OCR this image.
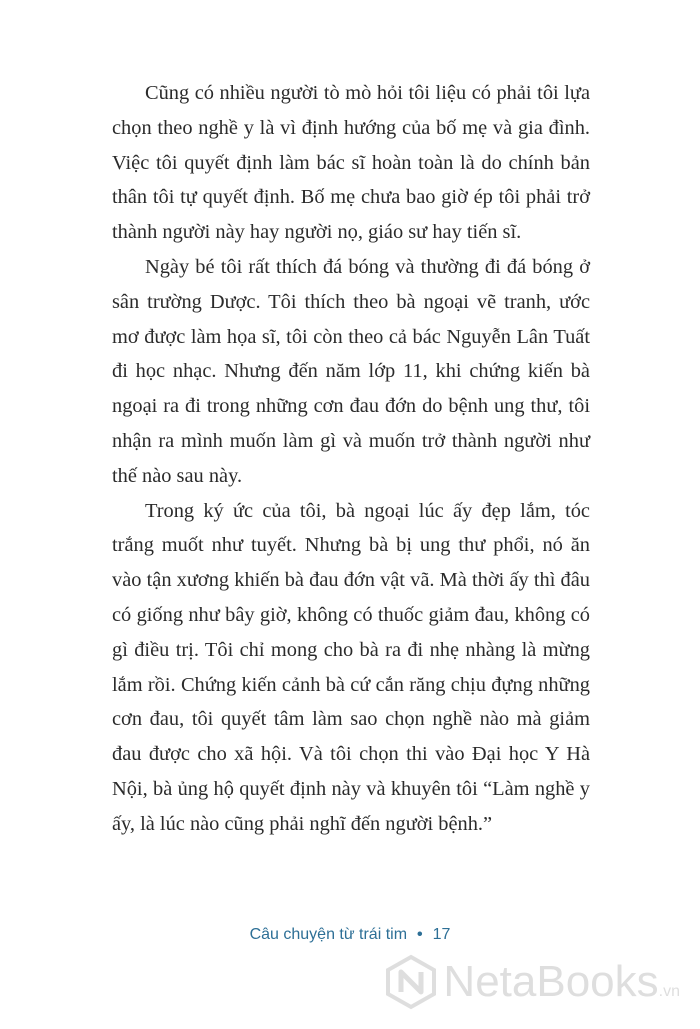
Cũng có nhiều người tò mò hỏi tôi liệu có phải tôi lựa chọn theo nghề y là vì định hướng của bố mẹ và gia đình. Việc tôi quyết định làm bác sĩ hoàn toàn là do chính bản thân tôi tự quyết định. Bố mẹ chưa bao giờ ép tôi phải trở thành người này hay người nọ, giáo sư hay tiến sĩ.

Ngày bé tôi rất thích đá bóng và thường đi đá bóng ở sân trường Dược. Tôi thích theo bà ngoại vẽ tranh, ước mơ được làm họa sĩ, tôi còn theo cả bác Nguyễn Lân Tuất đi học nhạc. Nhưng đến năm lớp 11, khi chứng kiến bà ngoại ra đi trong những cơn đau đớn do bệnh ung thư, tôi nhận ra mình muốn làm gì và muốn trở thành người như thế nào sau này.

Trong ký ức của tôi, bà ngoại lúc ấy đẹp lắm, tóc trắng muốt như tuyết. Nhưng bà bị ung thư phổi, nó ăn vào tận xương khiến bà đau đớn vật vã. Mà thời ấy thì đâu có giống như bây giờ, không có thuốc giảm đau, không có gì điều trị. Tôi chỉ mong cho bà ra đi nhẹ nhàng là mừng lắm rồi. Chứng kiến cảnh bà cứ cắn răng chịu đựng những cơn đau, tôi quyết tâm làm sao chọn nghề nào mà giảm đau được cho xã hội. Và tôi chọn thi vào Đại học Y Hà Nội, bà ủng hộ quyết định này và khuyên tôi “Làm nghề y ấy, là lúc nào cũng phải nghĩ đến người bệnh.”

Câu chuyện từ trái tim • 17
NetaBooks.vn
